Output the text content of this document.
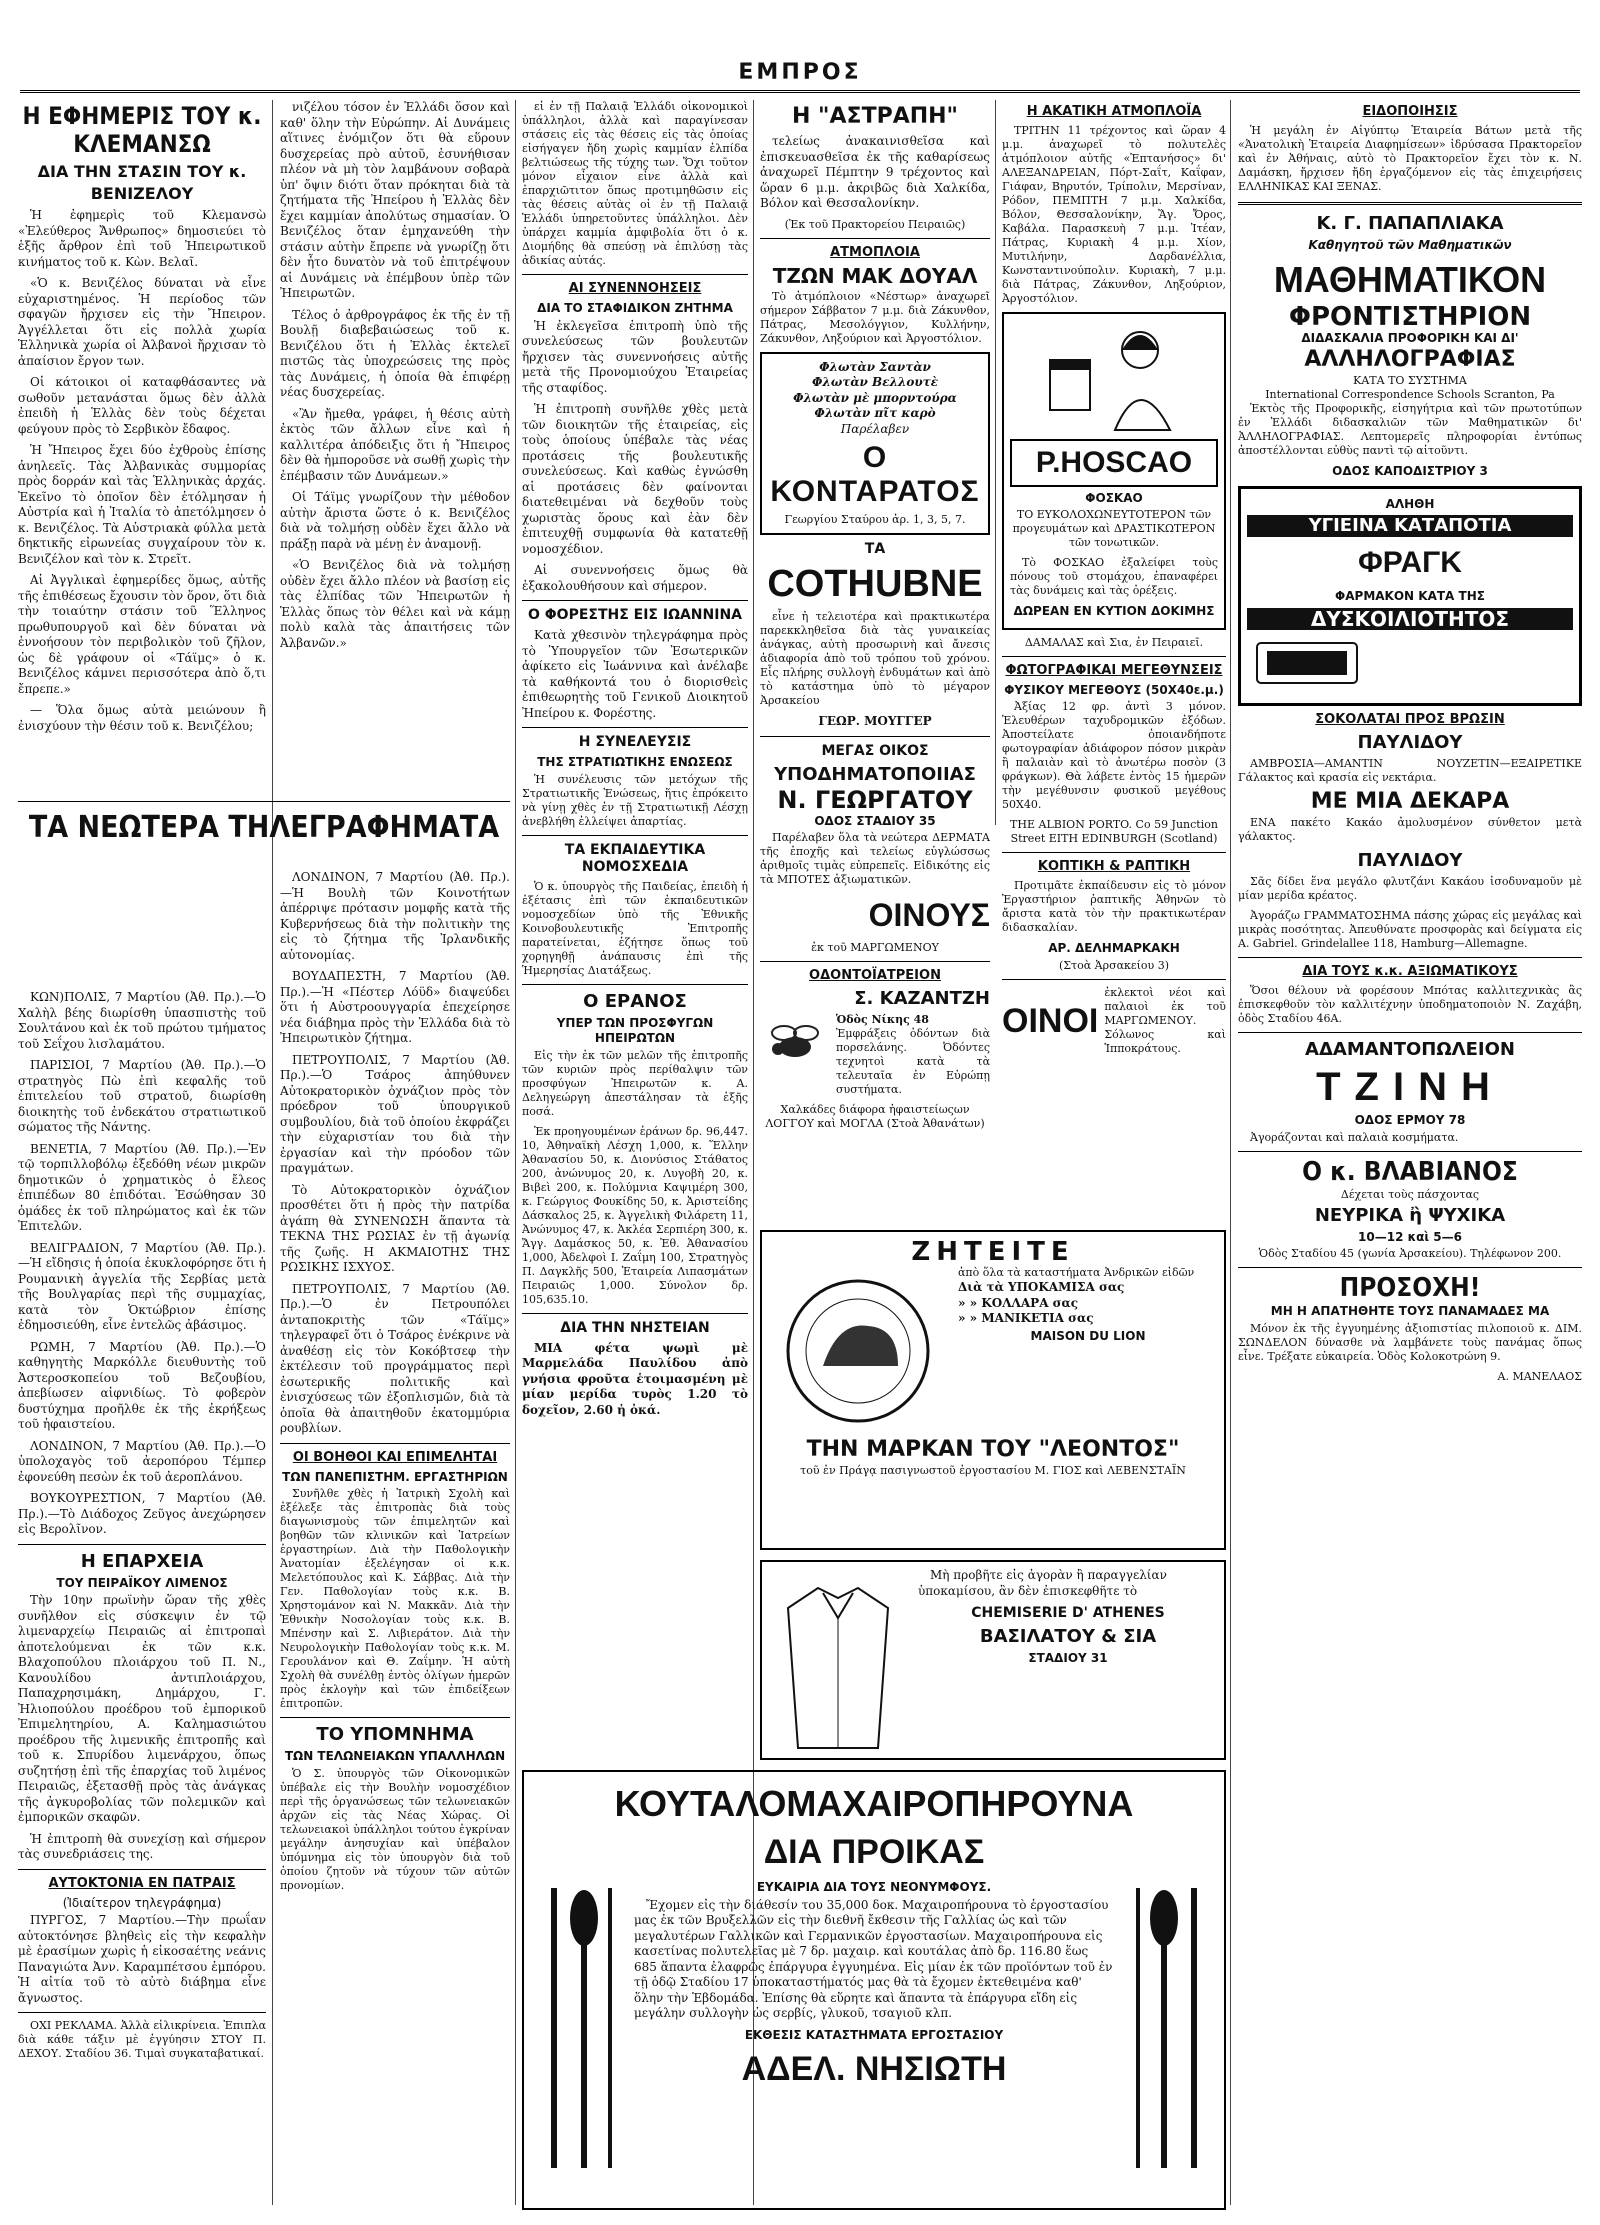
ΕΜΠΡΟΣ
Η ΕΦΗΜΕΡΙΣ ΤΟΥ κ. ΚΛΕΜΑΝΣΩ
ΔΙΑ ΤΗΝ ΣΤΑΣΙΝ ΤΟΥ κ. ΒΕΝΙΖΕΛΟΥ

Ἡ ἐφημερὶς τοῦ Κλεμανσὼ «Ἐλεύθερος Ἄνθρωπος» δημοσιεύει τὸ ἑξῆς ἄρθρον ἐπὶ τοῦ Ἠπειρωτικοῦ κινήματος τοῦ κ. Κὼν. Βελαῖ.

«Ὁ κ. Βενιζέλος δύναται νὰ εἶνε εὐχαριστημένος. Ἡ περίοδος τῶν σφαγῶν ἤρχισεν εἰς τὴν Ἤπειρον. Ἀγγέλλεται ὅτι εἰς πολλὰ χωρία Ἑλληνικὰ χωρία οἱ Ἀλβανοὶ ἤρχισαν τὸ ἀπαίσιον ἔργον των.

Οἱ κάτοικοι οἱ καταφθάσαντες νὰ σωθοῦν μετανάσται ὅμως δὲν ἀλλὰ ἐπειδὴ ἡ Ἑλλὰς δὲν τοὺς δέχεται φεύγουν πρὸς τὸ Σερβικὸν ἔδαφος.

Ἡ Ἤπειρος ἔχει δύο ἐχθροὺς ἐπίσης ἀνηλεεῖς. Τὰς Ἀλβανικὰς συμμορίας πρὸς δορράν καὶ τὰς Ἑλληνικὰς ἀρχάς. Ἐκεῖνο τὸ ὁποῖον δὲν ἐτόλμησαν ἡ Αὐστρία καὶ ἡ Ἰταλία τὸ ἀπετόλμησεν ὁ κ. Βενιζέλος. Τὰ Αὐστριακὰ φύλλα μετὰ δηκτικῆς εἰρωνείας συγχαίρουν τὸν κ. Βενιζέλον καὶ τὸν κ. Στρεῖτ.

Αἱ Ἀγγλικαὶ ἐφημερίδες ὅμως, αὐτῆς τῆς ἐπιθέσεως ἔχουσιν τὸν ὅρον, ὅτι διὰ τὴν τοιαύτην στάσιν τοῦ Ἕλληνος πρωθυπουργοῦ καὶ δὲν δύναται νὰ ἐννοήσουν τὸν περιβολικὸν τοῦ ζῆλον, ὡς δὲ γράφουν οἱ «Τάϊμς» ὁ κ. Βενιζέλος κάμνει περισσότερα ἀπὸ ὅ,τι ἔπρεπε.»

— Ὅλα ὅμως αὐτὰ μειώνουν ἢ ἐνισχύουν τὴν θέσιν τοῦ κ. Βενιζέλου;

ΚΩΝ)ΠΟΛΙΣ, 7 Μαρτίου (Ἀθ. Πρ.).—Ὁ Χαλὴλ βέης διωρίσθη ὑπασπιστὴς τοῦ Σουλτάνου καὶ ἐκ τοῦ πρώτου τμήματος τοῦ Σεΐχου λισλαμάτου.

ΠΑΡΙΣΙΟΙ, 7 Μαρτίου (Ἀθ. Πρ.).—Ὁ στρατηγὸς Πὼ ἐπὶ κεφαλῆς τοῦ ἐπιτελείου τοῦ στρατοῦ, διωρίσθη διοικητὴς τοῦ ἐνδεκάτου στρατιωτικοῦ σώματος τῆς Νάντης.

ΒΕΝΕΤΙΑ, 7 Μαρτίου (Ἀθ. Πρ.).—Ἐν τῷ τορπιλλοβόλῳ ἐξεδόθη νέων μικρῶν δημοτικῶν ὁ χρηματικὸς ὁ ἔλεος ἐπιπέδων 80 ἐπιδόται. Ἐσώθησαν 30 ὁμάδες ἐκ τοῦ πληρώματος καὶ ἐκ τῶν Ἐπιτελῶν.

ΒΕΛΙΓΡΑΔΙΟΝ, 7 Μαρτίου (Ἀθ. Πρ.).—Ἡ εἴδησις ἡ ὁποία ἐκυκλοφόρησε ὅτι ἡ Ρουμανικὴ ἀγγελία τῆς Σερβίας μετὰ τῆς Βουλγαρίας περὶ τῆς συμμαχίας, κατὰ τὸν Ὁκτώβριον ἐπίσης ἐδημοσιεύθη, εἶνε ἐντελῶς ἀβάσιμος.

ΡΩΜΗ, 7 Μαρτίου (Ἀθ. Πρ.).—Ὁ καθηγητὴς Μαρκόλλε διευθυντὴς τοῦ Ἀστεροσκοπείου τοῦ Βεζουβίου, ἀπεβίωσεν αἰφνιδίως. Τὸ φοβερὸν δυστύχημα προῆλθε ἐκ τῆς ἐκρήξεως τοῦ ἡφαιστείου.

ΛΟΝΔΙΝΟΝ, 7 Μαρτίου (Ἀθ. Πρ.).—Ὁ ὑπολοχαγὸς τοῦ ἀεροπόρου Τέμπερ ἐφονεύθη πεσὼν ἐκ τοῦ ἀεροπλάνου.

ΒΟΥΚΟΥΡΕΣΤΙΟΝ, 7 Μαρτίου (Ἀθ. Πρ.).—Τὸ Διάδοχος Ζεῦγος ἀνεχώρησεν εἰς Βερολῖνον.

Η ΕΠΑΡΧΕΙΑ
ΤΟΥ ΠΕΙΡΑΪΚΟΥ ΛΙΜΕΝΟΣ

Τὴν 10ην πρωϊνὴν ὥραν τῆς χθὲς συνῆλθον εἰς σύσκεψιν ἐν τῷ λιμεναρχείῳ Πειραιῶς αἱ ἐπιτροπαὶ ἀποτελούμεναι ἐκ τῶν κ.κ. Βλαχοπούλου πλοιάρχου τοῦ Π. Ν., Κανουλίδου ἀντιπλοιάρχου, Παπαχρησιμάκη, Δημάρχου, Γ. Ἠλιοπούλου προέδρου τοῦ ἐμπορικοῦ Ἐπιμελητηρίου, Α. Καλημασιώτου προέδρου τῆς λιμενικῆς ἐπιτροπῆς καὶ τοῦ κ. Σπυρίδου λιμενάρχου, ὅπως συζητήσῃ ἐπὶ τῆς ἐπαρχίας τοῦ λιμένος Πειραιῶς, ἐξετασθῇ πρὸς τὰς ἀνάγκας τῆς ἀγκυροβολίας τῶν πολεμικῶν καὶ ἐμπορικῶν σκαφῶν.

Ἡ ἐπιτροπὴ θὰ συνεχίσῃ καὶ σήμερον τὰς συνεδριάσεις της.

ΑΥΤΟΚΤΟΝΙΑ ΕΝ ΠΑΤΡΑΙΣ
(Ἰδιαίτερον τηλεγράφημα)

ΠΥΡΓΟΣ, 7 Μαρτίου.—Τὴν πρωΐαν αὐτοκτόνησε βληθεὶς εἰς τὴν κεφαλὴν μὲ ἐρασίμων χωρὶς ἡ εἰκοσαέτης νεάνις Παναγιώτα Ἀνν. Καραμπέτσου ἐμπόρου. Ἡ αἰτία τοῦ τὸ αὐτὸ διάβημα εἶνε ἄγνωστος.

ΟΧΙ ΡΕΚΛΑΜΑ. Ἀλλὰ εἰλικρίνεια. Ἐπιπλα διὰ κάθε τάξιν μὲ ἐγγύησιν ΣΤΟΥ Π. ΔΕΧΟΥ. Σταδίου 36. Τιμαὶ συγκαταβατικαί.

νιζέλου τόσον ἐν Ἑλλάδι ὅσον καὶ καθ' ὅλην τὴν Εὐρώπην. Αἱ Δυνάμεις αἵτινες ἐνόμιζον ὅτι θὰ εὕρουν δυσχερείας πρὸ αὐτοῦ, ἐσυνήθισαν πλέον νὰ μὴ τὸν λαμβάνουν σοβαρὰ ὑπ' ὄψιν διότι ὅταν πρόκηται διὰ τὰ ζητήματα τῆς Ἠπείρου ἡ Ἑλλὰς δὲν ἔχει καμμίαν ἀπολύτως σημασίαν. Ὁ Βενιζέλος ὅταν ἐμηχανεύθη τὴν στάσιν αὐτὴν ἔπρεπε νὰ γνωρίζῃ ὅτι δὲν ἦτο δυνατὸν νὰ τοῦ ἐπιτρέψουν αἱ Δυνάμεις νὰ ἐπέμβουν ὑπὲρ τῶν Ἠπειρωτῶν.

Τέλος ὁ ἀρθρογράφος ἐκ τῆς ἐν τῇ Βουλῇ διαβεβαιώσεως τοῦ κ. Βενιζέλου ὅτι ἡ Ἑλλὰς ἐκτελεῖ πιστῶς τὰς ὑποχρεώσεις της πρὸς τὰς Δυνάμεις, ἡ ὁποία θὰ ἐπιφέρῃ νέας δυσχερείας.

«Ἂν ἤμεθα, γράφει, ἡ θέσις αὐτὴ ἐκτὸς τῶν ἄλλων εἶνε καὶ ἡ καλλιτέρα ἀπόδειξις ὅτι ἡ Ἤπειρος δὲν θὰ ἠμποροῦσε νὰ σωθῇ χωρὶς τὴν ἐπέμβασιν τῶν Δυνάμεων.»

Οἱ Τάϊμς γνωρίζουν τὴν μέθοδον αὐτὴν ἄριστα ὥστε ὁ κ. Βενιζέλος διὰ νὰ τολμήσῃ οὐδὲν ἔχει ἄλλο νὰ πράξῃ παρὰ νὰ μένῃ ἐν ἀναμονῇ.

«Ὁ Βενιζέλος διὰ νὰ τολμήσῃ οὐδὲν ἔχει ἄλλο πλέον νὰ βασίσῃ εἰς τὰς ἐλπίδας τῶν Ἠπειρωτῶν ἡ Ἑλλὰς ὅπως τὸν θέλει καὶ νὰ κάμῃ πολὺ καλὰ τὰς ἀπαιτήσεις τῶν Ἀλβανῶν.»

ΤΑ ΝΕΩΤΕΡΑ ΤΗΛΕΓΡΑΦΗΜΑΤΑ

ΛΟΝΔΙΝΟΝ, 7 Μαρτίου (Ἀθ. Πρ.).—Ἡ Βουλὴ τῶν Κοινοτήτων ἀπέρριψε πρότασιν μομφῆς κατὰ τῆς Κυβερνήσεως διὰ τὴν πολιτικὴν της εἰς τὸ ζήτημα τῆς Ἰρλανδικῆς αὐτονομίας.

ΒΟΥΔΑΠΕΣΤΗ, 7 Μαρτίου (Ἀθ. Πρ.).—Ἡ «Πέστερ Λόϋδ» διαψεύδει ὅτι ἡ Αὐστροουγγαρία ἐπεχείρησε νέα διάβημα πρὸς τὴν Ἑλλάδα διὰ τὸ Ἠπειρωτικὸν ζήτημα.

ΠΕΤΡΟΥΠΟΛΙΣ, 7 Μαρτίου (Ἀθ. Πρ.).—Ὁ Τσάρος ἀπηύθυνεν Αὐτοκρατορικὸν ὀχνάζιον πρὸς τὸν πρόεδρον τοῦ ὑπουργικοῦ συμβουλίου, διὰ τοῦ ὁποίου ἐκφράζει τὴν εὐχαριστίαν του διὰ τὴν ἐργασίαν καὶ τὴν πρόοδον τῶν πραγμάτων.

Τὸ Αὐτοκρατορικὸν ὀχνάζιον προσθέτει ὅτι ἡ πρὸς τὴν πατρίδα ἀγάπη θὰ ΣΥΝΕΝΩΣΗ ἅπαντα τὰ ΤΕΚΝΑ ΤΗΣ ΡΩΣΙΑΣ ἐν τῇ ἀγωνίᾳ τῆς ζωῆς. Η ΑΚΜΑΙΟΤΗΣ ΤΗΣ ΡΩΣΙΚΗΣ ΙΣΧΥΟΣ.

ΠΕΤΡΟΥΠΟΛΙΣ, 7 Μαρτίου (Ἀθ. Πρ.).—Ὁ ἐν Πετρουπόλει ἀνταποκριτὴς τῶν «Τάϊμς» τηλεγραφεῖ ὅτι ὁ Τσάρος ἐνέκρινε νὰ ἀναθέσῃ εἰς τὸν Κοκόβτσεφ τὴν ἐκτέλεσιν τοῦ προγράμματος περὶ ἐσωτερικῆς πολιτικῆς καὶ ἐνισχύσεως τῶν ἐξοπλισμῶν, διὰ τὰ ὁποῖα θὰ ἀπαιτηθοῦν ἑκατομμύρια ρουβλίων.

ΟΙ ΒΟΗΘΟΙ ΚΑΙ ΕΠΙΜΕΛΗΤΑΙ
ΤΩΝ ΠΑΝΕΠΙΣΤΗΜ. ΕΡΓΑΣΤΗΡΙΩΝ

Συνῆλθε χθὲς ἡ Ἰατρικὴ Σχολὴ καὶ ἐξέλεξε τὰς ἐπιτροπὰς διὰ τοὺς διαγωνισμοὺς τῶν ἐπιμελητῶν καὶ βοηθῶν τῶν κλινικῶν καὶ Ἰατρείων ἐργαστηρίων. Διὰ τὴν Παθολογικὴν Ἀνατομίαν ἐξελέγησαν οἱ κ.κ. Μελετόπουλος καὶ Κ. Σάββας. Διὰ τὴν Γεν. Παθολογίαν τοὺς κ.κ. Β. Χρηστομάνον καὶ Ν. Μακκᾶν. Διὰ τὴν Ἐθνικὴν Νοσολογίαν τοὺς κ.κ. Β. Μπένσην καὶ Σ. Λιβιεράτον. Διὰ τὴν Νευρολογικὴν Παθολογίαν τοὺς κ.κ. Μ. Γερουλάνον καὶ Θ. Ζαΐμην. Ἡ αὐτὴ Σχολὴ θὰ συνέλθῃ ἐντὸς ὀλίγων ἡμερῶν πρὸς ἐκλογὴν καὶ τῶν ἐπιδείξεων ἐπιτροπῶν.

ΤΟ ΥΠΟΜΝΗΜΑ
ΤΩΝ ΤΕΛΩΝΕΙΑΚΩΝ ΥΠΑΛΛΗΛΩΝ

Ὁ Σ. ὑπουργὸς τῶν Οἰκονομικῶν ὑπέβαλε εἰς τὴν Βουλὴν νομοσχέδιον περὶ τῆς ὀργανώσεως τῶν τελωνειακῶν ἀρχῶν εἰς τὰς Νέας Χώρας. Οἱ τελωνειακοὶ ὑπάλληλοι τούτου ἐγκρίναν μεγάλην ἀνησυχίαν καὶ ὑπέβαλον ὑπόμνημα εἰς τὸν ὑπουργὸν διὰ τοῦ ὁποίου ζητοῦν νὰ τύχουν τῶν αὐτῶν προνομίων.

εἰ ἐν τῇ Παλαιᾷ Ἑλλάδι οἰκονομικοὶ ὑπάλληλοι, ἀλλὰ καὶ παραγίνεσαν στάσεις εἰς τὰς θέσεις εἰς τὰς ὁποίας εἰσήγαγεν ἤδη χωρὶς καμμίαν ἐλπίδα βελτιώσεως τῆς τύχης των. Ὅχι τοῦτον μόνον εἶχαιον εἶνε ἀλλὰ καὶ ἐπαρχιῶτιτον ὅπως προτιμηθῶσιν εἰς τὰς θέσεις αὐτὰς οἱ ἐν τῇ Παλαιᾷ Ἑλλάδι ὑπηρετοῦντες ὑπάλληλοι. Δὲν ὑπάρχει καμμία ἀμφιβολία ὅτι ὁ κ. Διομήδης θὰ σπεύσῃ νὰ ἐπιλύσῃ τὰς ἀδικίας αὐτάς.

ΑΙ ΣΥΝΕΝΝΟΗΣΕΙΣ
ΔΙΑ ΤΟ ΣΤΑΦΙΔΙΚΟΝ ΖΗΤΗΜΑ

Ἡ ἐκλεγεῖσα ἐπιτροπὴ ὑπὸ τῆς συνελεύσεως τῶν βουλευτῶν ἤρχισεν τὰς συνεννοήσεις αὐτῆς μετὰ τῆς Προνομιούχου Ἑταιρείας τῆς σταφίδος.

Ἡ ἐπιτροπὴ συνῆλθε χθὲς μετὰ τῶν διοικητῶν τῆς ἑταιρείας, εἰς τοὺς ὁποίους ὑπέβαλε τὰς νέας προτάσεις τῆς βουλευτικῆς συνελεύσεως. Καὶ καθὼς ἐγνώσθη αἱ προτάσεις δὲν φαίνονται διατεθειμέναι νὰ δεχθοῦν τοὺς χωριστὰς ὅρους καὶ ἐὰν δὲν ἐπιτευχθῇ συμφωνία θὰ κατατεθῇ νομοσχέδιον.

Αἱ συνεννοήσεις ὅμως θὰ ἐξακολουθήσουν καὶ σήμερον.

Ο ΦΟΡΕΣΤΗΣ ΕΙΣ ΙΩΑΝΝΙΝΑ

Κατὰ χθεσινὸν τηλεγράφημα πρὸς τὸ Ὑπουργεῖον τῶν Ἐσωτερικῶν ἀφίκετο εἰς Ἰωάννινα καὶ ἀνέλαβε τὰ καθήκοντά του ὁ διορισθεὶς ἐπιθεωρητὴς τοῦ Γενικοῦ Διοικητοῦ Ἠπείρου κ. Φορέστης.

Η ΣΥΝΕΛΕΥΣΙΣ
ΤΗΣ ΣΤΡΑΤΙΩΤΙΚΗΣ ΕΝΩΣΕΩΣ

Ἡ συνέλευσις τῶν μετόχων τῆς Στρατιωτικῆς Ἑνώσεως, ἥτις ἐπρόκειτο νὰ γίνῃ χθὲς ἐν τῇ Στρατιωτικῇ Λέσχῃ ἀνεβλήθη ἐλλείψει ἀπαρτίας.

ΤΑ ΕΚΠΑΙΔΕΥΤΙΚΑ ΝΟΜΟΣΧΕΔΙΑ

Ὁ κ. ὑπουργὸς τῆς Παιδείας, ἐπειδὴ ἡ ἐξέτασις ἐπὶ τῶν ἐκπαιδευτικῶν νομοσχεδίων ὑπὸ τῆς Ἐθνικῆς Κοινοβουλευτικῆς Ἐπιτροπῆς παρατείνεται, ἐζήτησε ὅπως τοῦ χορηγηθῇ ἀνάπαυσις ἐπὶ τῆς Ἡμερησίας Διατάξεως.

Ο ΕΡΑΝΟΣ
ΥΠΕΡ ΤΩΝ ΠΡΟΣΦΥΓΩΝ ΗΠΕΙΡΩΤΩΝ

Εἰς τὴν ἐκ τῶν μελῶν τῆς ἐπιτροπῆς τῶν κυριῶν πρὸς περίθαλψιν τῶν προσφύγων Ἠπειρωτῶν κ. Α. Δεληγεώργη ἀπεστάλησαν τὰ ἑξῆς ποσά.

Ἐκ προηγουμένων ἐράνων δρ. 96,447. 10, Ἀθηναϊκὴ Λέσχη 1,000, κ. Ἕλλην Ἀθανασίου 50, κ. Διονύσιος Στάθατος 200, ἀνώνυμος 20, κ. Λυγοβὴ 20, κ. Βιβεὶ 200, κ. Πολύμνια Καψιμέρη 300, κ. Γεώργιος Φουκίδης 50, κ. Ἀριστείδης Δάσκαλος 25, κ. Ἀγγελικὴ Φιλάρετη 11, Ἀνώνυμος 47, κ. Ἀκλέα Σερπιέρη 300, κ. Ἄγγ. Δαμάσκος 50, κ. Ἐθ. Ἀθανασίου 1,000, Ἀδελφοὶ Ι. Ζαΐμη 100, Στρατηγὸς Π. Δαγκλῆς 500, Ἑταιρεία Λιπασμάτων Πειραιῶς 1,000. Σύνολον δρ. 105,635.10.

ΔΙΑ ΤΗΝ ΝΗΣΤΕΙΑΝ

ΜΙΑ φέτα ψωμὶ μὲ Μαρμελάδα Παυλίδου ἀπὸ γνήσια φροῦτα ἑτοιμασμένη μὲ μίαν μερίδα τυρὸς 1.20 τὸ δοχεῖον, 2.60 ἡ ὀκά.

Η "ΑΣΤΡΑΠΗ"

τελείως ἀνακαινισθεῖσα καὶ ἐπισκευασθεῖσα ἐκ τῆς καθαρίσεως ἀναχωρεῖ Πέμπτην 9 τρέχοντος καὶ ὥραν 6 μ.μ. ἀκριβῶς διὰ Χαλκίδα, Βόλον καὶ Θεσσαλονίκην.

(Ἐκ τοῦ Πρακτορείου Πειραιῶς)

ΑΤΜΟΠΛΟΙΑ
ΤΖΩΝ ΜΑΚ ΔΟΥΑΛ

Τὸ ἀτμόπλοιον «Νέστωρ» ἀναχωρεῖ σήμερον Σάββατον 7 μ.μ. διὰ Ζάκυνθον, Πάτρας, Μεσολόγγιον, Κυλλήνην, Ζάκυνθον, Ληξούριον καὶ Ἀργοστόλιον.

Φλωτὰν Σαντὰν
Φλωτὰν Βελλουτὲ
Φλωτὰν μὲ μπορντούρα
Φλωτὰν πῖτ καρὸ
Παρέλαβεν
Ο ΚΟΝΤΑΡΑΤΟΣ
Γεωργίου Σταύρου ἀρ. 1, 3, 5, 7.
ΤΑ
COTHUBNE

εἶνε ἡ τελειοτέρα καὶ πρακτικωτέρα παρεκκληθεῖσα διὰ τὰς γυναικείας ἀνάγκας, αὐτὴ προσωρινὴ καὶ ἄνεσις ἀδιαφορία ἀπὸ τοῦ τρόπου τοῦ χρόνου. Εἶς πλήρης συλλογὴ ἐνδυμάτων καὶ ἀπὸ τὸ κατάστημα ὑπὸ τὸ μέγαρον Ἀρσακείου

ΓΕΩΡ. ΜΟΥΓΓΕΡ
ΜΕΓΑΣ ΟΙΚΟΣ
ΥΠΟΔΗΜΑΤΟΠΟΙΙΑΣ
Ν. ΓΕΩΡΓΑΤΟΥ
ΟΔΟΣ ΣΤΑΔΙΟΥ 35

Παρέλαβεν ὅλα τὰ νεώτερα ΔΕΡΜΑΤΑ τῆς ἐποχῆς καὶ τελείως εὐγλώσσως ἀριθμοῖς τιμὰς εὐπρεπεῖς. Εἰδικότης εἰς τὰ ΜΠΟΤΕΣ ἀξιωματικῶν.

ΟΙΝΟΥΣ
ἐκ τοῦ ΜΑΡΓΩΜΕΝΟΥ
ΟΔΟΝΤΟΪΑΤΡΕΙΟΝ
Σ. ΚΑΖΑΝΤΖΗ
Ὁδὸς Νίκης 48

Ἐμφράξεις ὀδόντων διὰ πορσελάνης. Ὀδόντες τεχνητοὶ κατὰ τὰ τελευταῖα ἐν Εὐρώπῃ συστήματα.

Χαλκάδες διάφορα ἡφαιστείωςων ΛΟΓΓΟΥ καὶ ΜΟΓΛΑ (Στοὰ Ἀθανάτων)

Η ΑΚΑΤΙΚΗ ΑΤΜΟΠΛΟΪΑ

ΤΡΙΤΗΝ 11 τρέχοντος καὶ ὥραν 4 μ.μ. ἀναχωρεῖ τὸ πολυτελὲς ἀτμόπλοιον αὐτῆς «Ἑπτανήσος» δι' ΑΛΕΞΑΝΔΡΕΙΑΝ, Πόρτ-Σαΐτ, Καΐφαν, Γιάφαν, Βηρυτόν, Τρίπολιν, Μερσίναν, Ρόδον, ΠΕΜΠΤΗ 7 μ.μ. Χαλκίδα, Βόλον, Θεσσαλονίκην, Ἅγ. Ὄρος, Καβάλα. Παρασκευὴ 7 μ.μ. Ἰτέαν, Πάτρας, Κυριακὴ 4 μ.μ. Χίον, Μυτιλήνην, Δαρδανέλλια, Κωνσταντινούπολιν. Κυριακὴ, 7 μ.μ. διὰ Πάτρας, Ζάκυνθον, Ληξούριον, Ἀργοστόλιον.

P.HOSCAO
ΦΟΣΚΑΟ

ΤΟ ΕΥΚΟΛΟΧΩΝΕΥΤΟΤΕΡΟΝ τῶν προγευμάτων καὶ ΔΡΑΣΤΙΚΩΤΕΡΟΝ τῶν τονωτικῶν.

Τὸ ΦΟΣΚΑΟ ἐξαλείφει τοὺς πόνους τοῦ στομάχου, ἐπαναφέρει τὰς δυνάμεις καὶ τὰς ὀρέξεις.

ΔΩΡΕΑΝ ΕΝ ΚΥΤΙΟΝ ΔΟΚΙΜΗΣ
ΔΑΜΑΛΑΣ καὶ Σια, ἐν Πειραιεῖ.
ΦΩΤΟΓΡΑΦΙΚΑΙ ΜΕΓΕΘΥΝΣΕΙΣ
ΦΥΣΙΚΟΥ ΜΕΓΕΘΟΥΣ (50Χ40ε.μ.)

Ἀξίας 12 φρ. ἀντὶ 3 μόνον. Ἐλευθέρων ταχυδρομικῶν ἐξόδων. Ἀποστείλατε ὁποιανδήποτε φωτογραφίαν ἀδιάφορον πόσον μικρὰν ἢ παλαιὰν καὶ τὸ ἀνωτέρω ποσὸν (3 φράγκων). Θὰ λάβετε ἐντὸς 15 ἡμερῶν τὴν μεγέθυνσιν φυσικοῦ μεγέθους 50Χ40.

THE ALBION PORTO. Co 59 Junction Street EITH EDINBURGH (Scotland)

ΚΟΠΤΙΚΗ & ΡΑΠΤΙΚΗ

Προτιμᾶτε ἐκπαίδευσιν εἰς τὸ μόνον Ἐργαστήριον ῥαπτικῆς Ἀθηνῶν τὸ ἄριστα κατὰ τὸν τὴν πρακτικωτέραν διδασκαλίαν.

ΑΡ. ΔΕΛΗΜΑΡΚΑΚΗ
(Στοὰ Ἀρσακείου 3)
ΟΙΝΟΙ
ἐκλεκτοὶ νέοι καὶ παλαιοὶ ἐκ τοῦ ΜΑΡΓΩΜΕΝΟΥ. Σόλωνος καὶ Ἱπποκράτους.
ΕΙΔΟΠΟΙΗΣΙΣ

Ἡ μεγάλη ἐν Αἰγύπτῳ Ἑταιρεία Βάτων μετὰ τῆς «Ἀνατολικὴ Ἑταιρεία Διαφημίσεων» ἱδρύσασα Πρακτορεῖον καὶ ἐν Ἀθήναις, αὐτὸ τὸ Πρακτορεῖον ἔχει τὸν κ. Ν. Δαμάσκη, ἤρχισεν ἤδη ἐργαζόμενον εἰς τὰς ἐπιχειρήσεις ΕΛΛΗΝΙΚΑΣ ΚΑΙ ΞΕΝΑΣ.

Κ. Γ. ΠΑΠΑΠΛΙΑΚΑ
Καθηγητοῦ τῶν Μαθηματικῶν
ΜΑΘΗΜΑΤΙΚΟΝ
ΦΡΟΝΤΙΣΤΗΡΙΟΝ
ΔΙΔΑΣΚΑΛΙΑ ΠΡΟΦΟΡΙΚΗ ΚΑΙ ΔΙ'
ΑΛΛΗΛΟΓΡΑΦΙΑΣ
ΚΑΤΑ ΤΟ ΣΥΣΤΗΜΑ
International Correspondence Schools Scranton, Pa

Ἐκτὸς τῆς Προφορικῆς, εἰσηγήτρια καὶ τῶν πρωτοτύπων ἐν Ἑλλάδι διδασκαλιῶν τῶν Μαθηματικῶν δι' ἈΛΛΗΛΟΓΡΑΦΙΑΣ. Λεπτομερεῖς πληροφορίαι ἐντύπως ἀποστέλλονται εὐθὺς παντὶ τῷ αἰτοῦντι.

ΟΔΟΣ ΚΑΠΟΔΙΣΤΡΙΟΥ 3
ΑΛΗΘΗ
ΥΓΙΕΙΝΑ ΚΑΤΑΠΟΤΙΑ
ΦΡΑΓΚ
ΦΑΡΜΑΚΟΝ ΚΑΤΑ ΤΗΣ
ΔΥΣΚΟΙΛΙΟΤΗΤΟΣ
ΣΟΚΟΛΑΤΑΙ ΠΡΟΣ ΒΡΩΣΙΝ
ΠΑΥΛΙΔΟΥ

ΑΜΒΡΟΣΙΑ—ΑΜΑΝΤΙΝ ΝΟΥΖΕΤΙΝ—ΕΞΑΙΡΕΤΙΚΕ Γάλακτος καὶ κρασία εἰς νεκτάρια.

ΜΕ ΜΙΑ ΔΕΚΑΡΑ

ΕΝΑ πακέτο Κακάο ἀμολυσμένον σύνθετον μετὰ γάλακτος.

ΠΑΥΛΙΔΟΥ

Σᾶς δίδει ἕνα μεγάλο φλυτζάνι Κακάου ἰσοδυναμοῦν μὲ μίαν μερίδα κρέατος.

Ἀγοράζω ΓΡΑΜΜΑΤΟΣΗΜΑ πάσης χώρας εἰς μεγάλας καὶ μικρὰς ποσότητας. Ἀπευθύνατε προσφορὰς καὶ δείγματα εἰς A. Gabriel. Grindelallee 118, Hamburg—Allemagne.

ΔΙΑ ΤΟΥΣ κ.κ. ΑΞΙΩΜΑΤΙΚΟΥΣ

Ὅσοι θέλουν νὰ φορέσουν Μπότας καλλιτεχνικὰς ἂς ἐπισκεφθοῦν τὸν καλλιτέχνην ὑποδηματοποιὸν Ν. Ζαχάβη, ὁδὸς Σταδίου 46Α.

ΑΔΑΜΑΝΤΟΠΩΛΕΙΟΝ
ΤΖΙΝΗ
ΟΔΟΣ ΕΡΜΟΥ 78

Ἀγοράζονται καὶ παλαιὰ κοσμήματα.

Ο κ. ΒΛΑΒΙΑΝΟΣ
Δέχεται τοὺς πάσχοντας
ΝΕΥΡΙΚΑ ἢ ΨΥΧΙΚΑ
10—12 καὶ 5—6
Ὁδὸς Σταδίου 45 (γωνία Ἀρσακείου). Τηλέφωνον 200.
ΠΡΟΣΟΧΗ!
ΜΗ Η ΑΠΑΤΗΘΗΤΕ ΤΟΥΣ ΠΑΝΑΜΑΔΕΣ ΜΑ

Μόνον ἐκ τῆς ἐγγυημένης ἀξιοπιστίας πιλοποιοῦ κ. ΔΙΜ. ΣΩΝΔΕΛΟΝ δύνασθε νὰ λαμβάνετε τοὺς πανάμας ὅπως εἶνε. Τρέξατε εὐκαιρεία. Ὁδὸς Κολοκοτρώνη 9.

Α. ΜΑΝΕΛΑΟΣ
ΖΗΤΕΙΤΕ
ἀπὸ ὅλα τὰ καταστήματα Ἀνδρικῶν εἰδῶν
Διὰ τὰ ΥΠΟΚΑΜΙΣΑ σας
» » ΚΟΛΛΑΡΑ σας
» » ΜΑΝΙΚΕΤΙΑ σας
MAISON DU LION
ΤΗΝ ΜΑΡΚΑΝ ΤΟΥ "ΛΕΟΝΤΟΣ"
τοῦ ἐν Πράγᾳ πασιγνωστοῦ ἐργοστασίου Μ. ΓΙΟΣ καὶ ΛΕΒΕΝΣΤΑΪΝ

Μὴ προβῆτε εἰς ἀγορὰν ἢ παραγγελίαν ὑποκαμίσου, ἂν δὲν ἐπισκεφθῆτε τὸ

CHEMISERIE D' ATHENES
ΒΑΣΙΛΑΤΟΥ & ΣΙΑ
ΣΤΑΔΙΟΥ 31
ΚΟΥΤΑΛΟΜΑΧΑΙΡΟΠΗΡΟΥΝΑ
ΔΙΑ ΠΡΟΙΚΑΣ
ΕΥΚΑΙΡΙΑ ΔΙΑ ΤΟΥΣ ΝΕΟΝΥΜΦΟΥΣ.

Ἔχομεν εἰς τὴν διάθεσίν του 35,000 δοκ. Μαχαιροπήρουνα τὸ ἐργοστασίου μας ἐκ τῶν Βρυξελλῶν εἰς τὴν διεθνῆ ἔκθεσιν τῆς Γαλλίας ὡς καὶ τῶν μεγαλυτέρων Γαλλικῶν καὶ Γερμανικῶν ἐργοστασίων. Μαχαιροπήρουνα εἰς κασετίνας πολυτελεῖας μὲ 7 δρ. μαχαιρ. καὶ κουτάλας ἀπὸ δρ. 116.80 ἕως 685 ἅπαντα ἐλαφρῶς ἐπάργυρα ἐγγυημένα. Εἰς μίαν ἐκ τῶν προϊόντων τοῦ ἐν τῇ ὁδῷ Σταδίου 17 ὑποκαταστήματός μας θὰ τὰ ἔχομεν ἐκτεθειμένα καθ' ὅλην τὴν Ἑβδομάδα. Ἐπίσης θὰ εὕρητε καὶ ἅπαντα τὰ ἐπάργυρα εἴδη εἰς μεγάλην συλλογὴν ὡς σερβίς, γλυκοῦ, τσαγιοῦ κλπ.

ΕΚΘΕΣΙΣ ΚΑΤΑΣΤΗΜΑΤΑ ΕΡΓΟΣΤΑΣΙΟΥ
ΑΔΕΛ. ΝΗΣΙΩΤΗ
